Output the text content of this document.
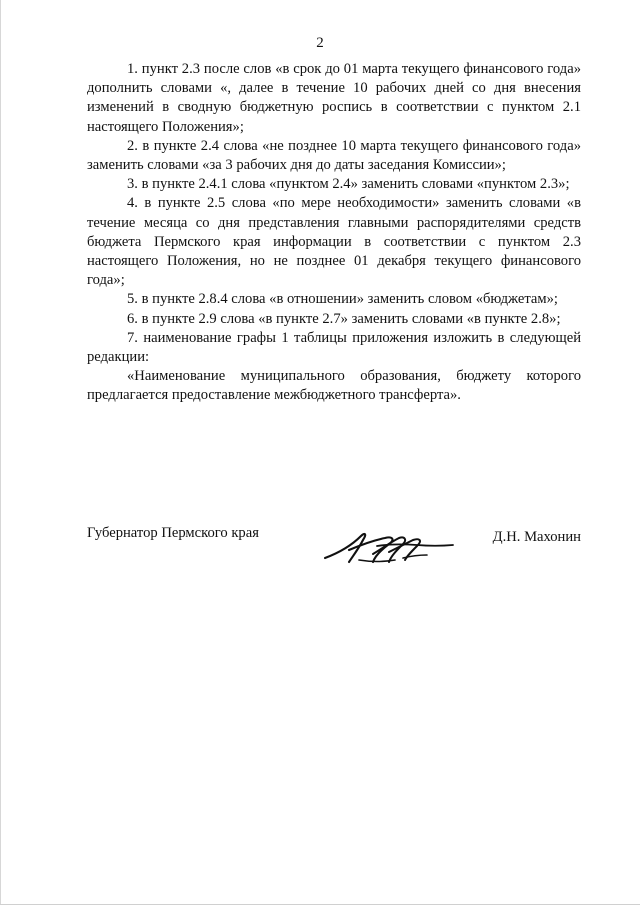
2

1. пункт 2.3 после слов «в срок до 01 марта текущего финансового года» дополнить словами «, далее в течение 10 рабочих дней со дня внесения изменений в сводную бюджетную роспись в соответствии с пунктом 2.1 настоящего Положения»;

2. в пункте 2.4 слова «не позднее 10 марта текущего финансового года» заменить словами «за 3 рабочих дня до даты заседания Комиссии»;

3. в пункте 2.4.1 слова «пунктом 2.4» заменить словами «пунктом 2.3»;

4. в пункте 2.5 слова «по мере необходимости» заменить словами «в течение месяца со дня представления главными распорядителями средств бюджета Пермского края информации в соответствии с пунктом 2.3 настоящего Положения, но не позднее 01 декабря текущего финансового года»;

5. в пункте 2.8.4 слова «в отношении» заменить словом «бюджетам»;

6. в пункте 2.9 слова «в пункте 2.7» заменить словами «в пункте 2.8»;

7. наименование графы 1 таблицы приложения изложить в следующей редакции:

«Наименование муниципального образования, бюджету которого предлагается предоставление межбюджетного трансферта».

Губернатор Пермского края	Д.Н. Махонин
